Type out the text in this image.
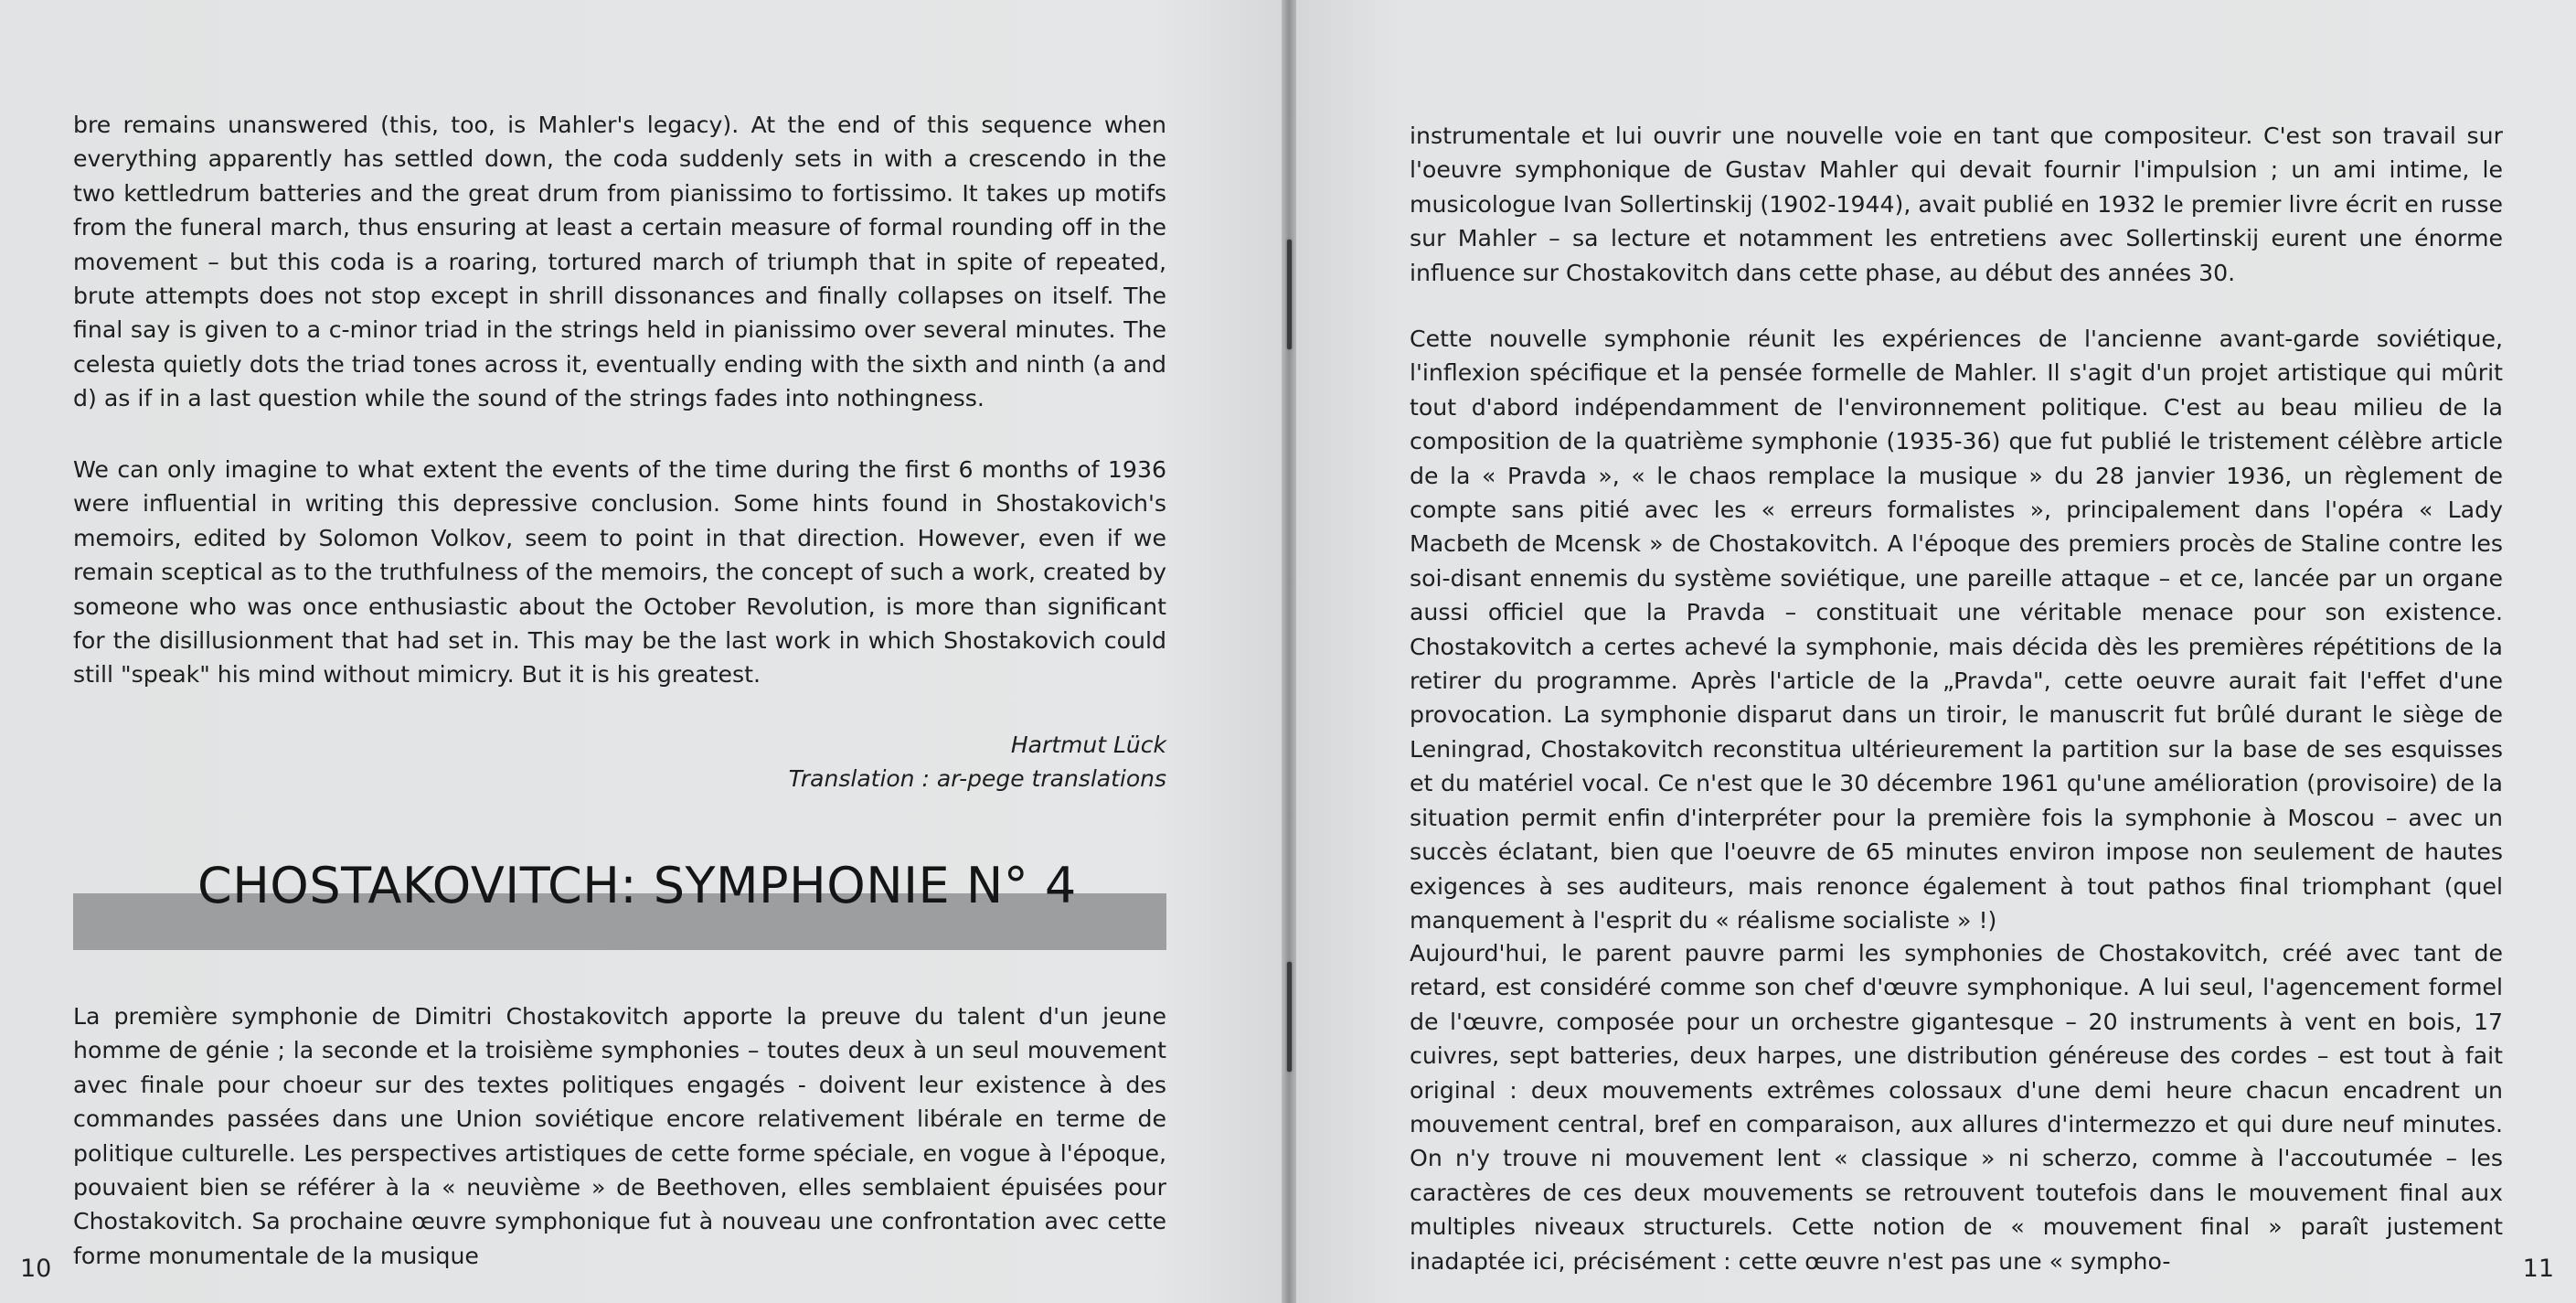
bre remains unanswered (this, too, is Mahler's legacy). At the end of this sequence when everything apparently has settled down, the coda suddenly sets in with a crescendo in the two kettledrum batteries and the great drum from pianissimo to fortissimo. It takes up motifs from the funeral march, thus ensuring at least a certain measure of formal rounding off in the movement – but this coda is a roaring, tortured march of triumph that in spite of repeated, brute attempts does not stop except in shrill dissonances and finally collapses on itself. The final say is given to a c-minor triad in the strings held in pianissimo over several minutes. The celesta quietly dots the triad tones across it, eventually ending with the sixth and ninth (a and d) as if in a last question while the sound of the strings fades into nothingness.

We can only imagine to what extent the events of the time during the first 6 months of 1936 were influential in writing this depressive conclusion. Some hints found in Shostakovich's memoirs, edited by Solomon Volkov, seem to point in that direction. However, even if we remain sceptical as to the truthfulness of the memoirs, the concept of such a work, created by someone who was once enthusiastic about the October Revolution, is more than significant for the disillusionment that had set in. This may be the last work in which Shostakovich could still "speak" his mind without mimicry. But it is his greatest.

Hartmut Lück
Translation : ar-pege translations
CHOSTAKOVITCH: SYMPHONIE N° 4

La première symphonie de Dimitri Chostakovitch apporte la preuve du talent d'un jeune homme de génie ; la seconde et la troisième symphonies – toutes deux à un seul mouvement avec finale pour choeur sur des textes politiques engagés - doivent leur existence à des commandes passées dans une Union soviétique encore relativement libérale en terme de politique culturelle. Les perspectives artistiques de cette forme spéciale, en vogue à l'époque, pouvaient bien se référer à la « neuvième » de Beethoven, elles semblaient épuisées pour Chostakovitch. Sa prochaine œuvre symphonique fut à nouveau une confrontation avec cette forme monumentale de la musique

10

instrumentale et lui ouvrir une nouvelle voie en tant que compositeur. C'est son travail sur l'oeuvre symphonique de Gustav Mahler qui devait fournir l'impulsion ; un ami intime, le musicologue Ivan Sollertinskij (1902-1944), avait publié en 1932 le premier livre écrit en russe sur Mahler – sa lecture et notamment les entretiens avec Sollertinskij eurent une énorme influence sur Chostakovitch dans cette phase, au début des années 30.

Cette nouvelle symphonie réunit les expériences de l'ancienne avant-garde soviétique, l'inflexion spécifique et la pensée formelle de Mahler. Il s'agit d'un projet artistique qui mûrit tout d'abord indépendamment de l'environnement politique. C'est au beau milieu de la composition de la quatrième symphonie (1935-36) que fut publié le tristement célèbre article de la « Pravda », « le chaos remplace la musique » du 28 janvier 1936, un règlement de compte sans pitié avec les « erreurs formalistes », principalement dans l'opéra « Lady Macbeth de Mcensk » de Chostakovitch. A l'époque des premiers procès de Staline contre les soi-disant ennemis du système soviétique, une pareille attaque – et ce, lancée par un organe aussi officiel que la Pravda – constituait une véritable menace pour son existence. Chostakovitch a certes achevé la symphonie, mais décida dès les premières répétitions de la retirer du programme. Après l'article de la „Pravda", cette oeuvre aurait fait l'effet d'une provocation. La symphonie disparut dans un tiroir, le manuscrit fut brûlé durant le siège de Leningrad, Chostakovitch reconstitua ultérieurement la partition sur la base de ses esquisses et du matériel vocal. Ce n'est que le 30 décembre 1961 qu'une amélioration (provisoire) de la situation permit enfin d'interpréter pour la première fois la symphonie à Moscou – avec un succès éclatant, bien que l'oeuvre de 65 minutes environ impose non seulement de hautes exigences à ses auditeurs, mais renonce également à tout pathos final triomphant (quel manquement à l'esprit du « réalisme socialiste » !)

Aujourd'hui, le parent pauvre parmi les symphonies de Chostakovitch, créé avec tant de retard, est considéré comme son chef d'œuvre symphonique. A lui seul, l'agencement formel de l'œuvre, composée pour un orchestre gigantesque – 20 instruments à vent en bois, 17 cuivres, sept batteries, deux harpes, une distribution généreuse des cordes – est tout à fait original : deux mouvements extrêmes colossaux d'une demi heure chacun encadrent un mouvement central, bref en comparaison, aux allures d'intermezzo et qui dure neuf minutes. On n'y trouve ni mouvement lent « classique » ni scherzo, comme à l'accoutumée – les caractères de ces deux mouvements se retrouvent toutefois dans le mouvement final aux multiples niveaux structurels. Cette notion de « mouvement final » paraît justement inadaptée ici, précisément : cette œuvre n'est pas une « sympho-	11
